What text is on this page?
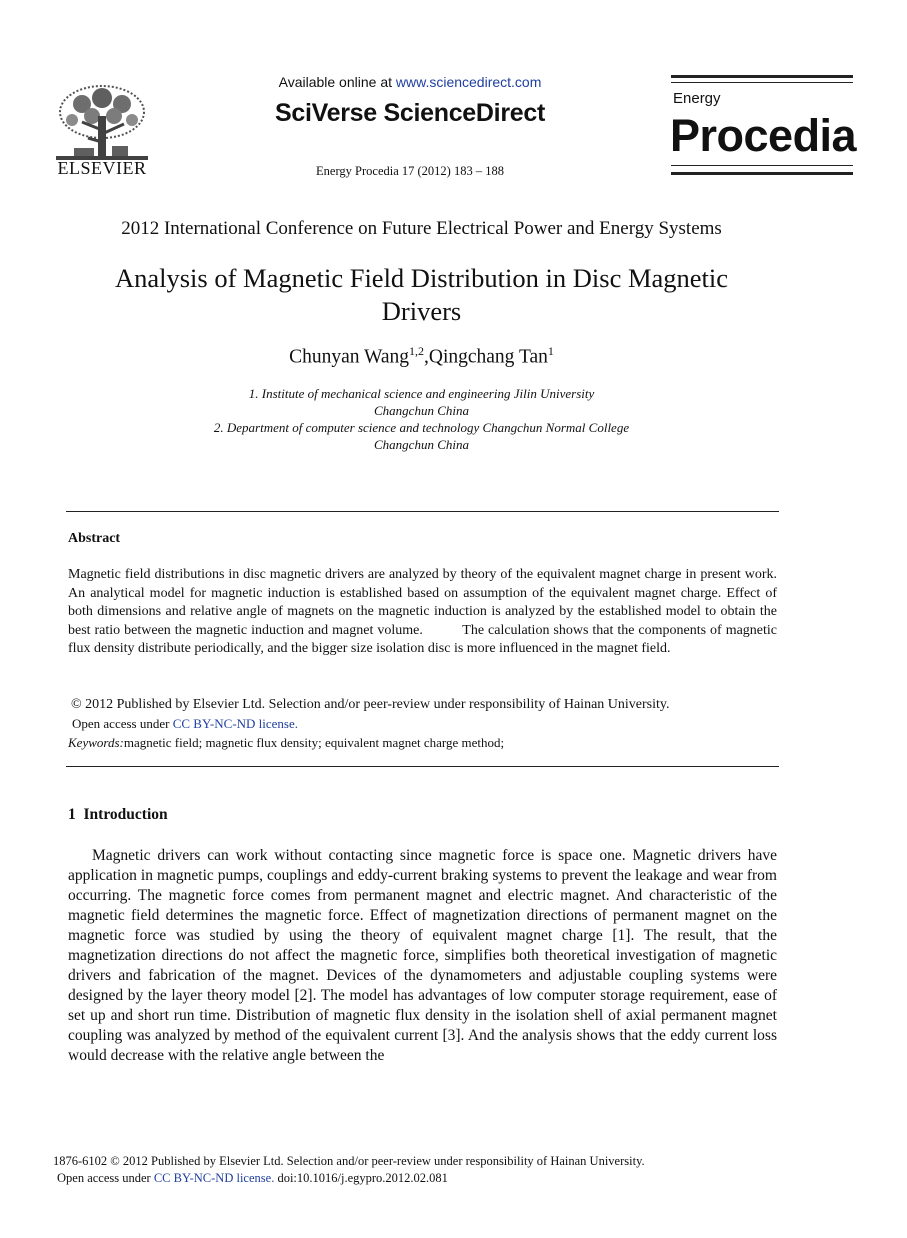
ELSEVIER
Available online at www.sciencedirect.com
SciVerse ScienceDirect
Energy Procedia 17 (2012) 183 – 188
Energy
Procedia
2012 International Conference on Future Electrical Power and Energy Systems
Analysis of Magnetic Field Distribution in Disc Magnetic
Drivers
Chunyan Wang$^{1,2}$,Qingchang Tan$^1$
1. Institute of mechanical science and engineering Jilin University
Changchun China
2. Department of computer science and technology Changchun Normal College
Changchun China
Abstract
Magnetic field distributions in disc magnetic drivers are analyzed by theory of the equivalent magnet charge in present work. An analytical model for magnetic induction is established based on assumption of the equivalent magnet charge. Effect of both dimensions and relative angle of magnets on the magnetic induction is analyzed by the established model to obtain the best ratio between the magnetic induction and magnet volume.          The calculation shows that the components of magnetic flux density distribute periodically, and the bigger size isolation disc is more influenced in the magnet field.
© 2012 Published by Elsevier Ltd. Selection and/or peer-review under responsibility of Hainan University.
Open access under CC BY-NC-ND license.
Keywords:magnetic field; magnetic flux density; equivalent magnet charge method;
1  Introduction
Magnetic drivers can work without contacting since magnetic force is space one. Magnetic drivers have application in magnetic pumps, couplings and eddy-current braking systems to prevent the leakage and wear from occurring. The magnetic force comes from permanent magnet and electric magnet. And characteristic of the magnetic field determines the magnetic force. Effect of magnetization directions of permanent magnet on the magnetic force was studied by using the theory of equivalent magnet charge [1]. The result, that the magnetization directions do not affect the magnetic force, simplifies both theoretical investigation of magnetic drivers and fabrication of the magnet. Devices of the dynamometers and adjustable coupling systems were designed by the layer theory model [2]. The model has advantages of low computer storage requirement, ease of set up and short run time. Distribution of magnetic flux density in the isolation shell of axial permanent magnet coupling was analyzed by method of the equivalent current [3]. And the analysis shows that the eddy current loss would decrease with the relative angle between the
1876-6102 © 2012 Published by Elsevier Ltd. Selection and/or peer-review under responsibility of Hainan University.
Open access under CC BY-NC-ND license. doi:10.1016/j.egypro.2012.02.081
